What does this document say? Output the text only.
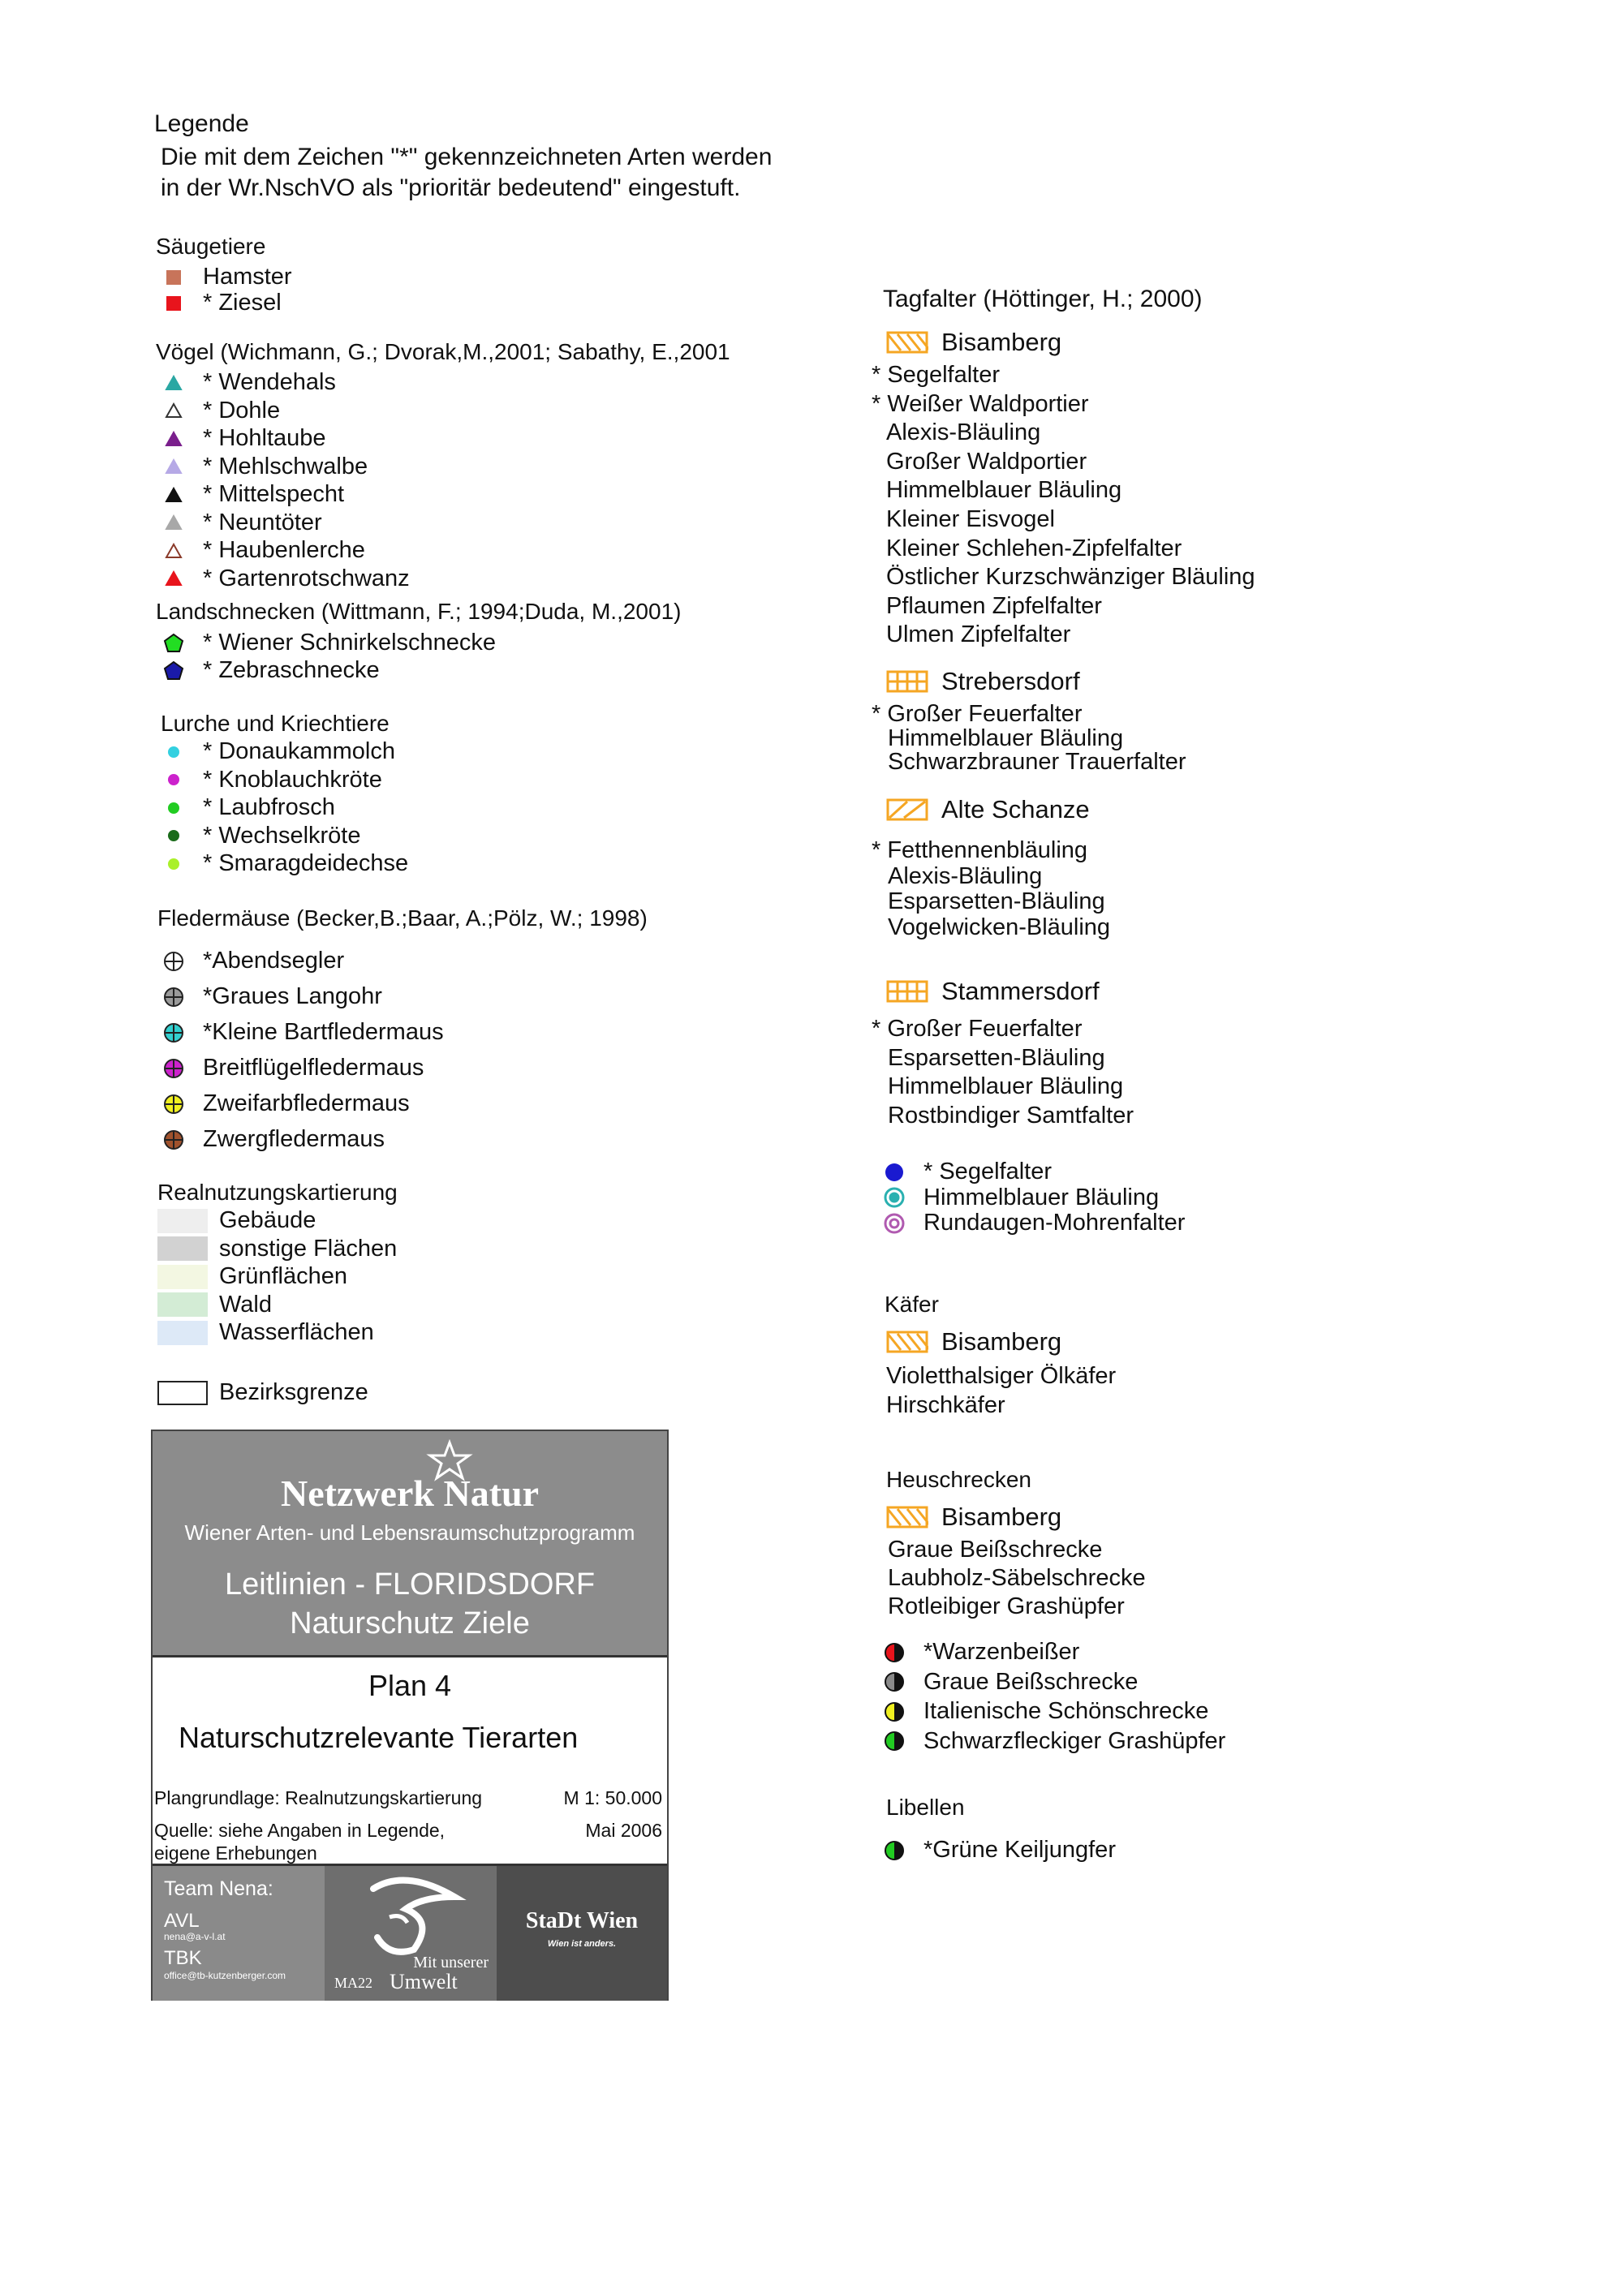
Legende
Die mit dem Zeichen "*" gekennzeichneten Arten werden
in der Wr.NschVO als "prioritär bedeutend" eingestuft.
Säugetiere
Hamster
* Ziesel
Vögel (Wichmann, G.; Dvorak,M.,2001; Sabathy, E.,2001
* Wendehals
* Dohle
* Hohltaube
* Mehlschwalbe
* Mittelspecht
* Neuntöter
* Haubenlerche
* Gartenrotschwanz
Landschnecken (Wittmann, F.; 1994;Duda, M.,2001)
* Wiener Schnirkelschnecke
* Zebraschnecke
Lurche und Kriechtiere
* Donaukammolch
* Knoblauchkröte
* Laubfrosch
* Wechselkröte
* Smaragdeidechse
Fledermäuse (Becker,B.;Baar, A.;Pölz, W.; 1998)
*Abendsegler
*Graues Langohr
*Kleine Bartfledermaus
Breitflügelfledermaus
Zweifarbfledermaus
Zwergfledermaus
Realnutzungskartierung
Gebäude
sonstige Flächen
Grünflächen
Wald
Wasserflächen
Bezirksgrenze
Netzwerk Natur
Wiener Arten- und Lebensraumschutzprogramm
Leitlinien - FLORIDSDORF
Naturschutz Ziele
Plan 4
Naturschutzrelevante Tierarten
Plangrundlage: Realnutzungskartierung	M 1: 50.000
Quelle: siehe Angaben in Legende,	Mai 2006
eigene Erhebungen
Team Nena:
AVL
nena@a-v-l.at
TBK
office@tb-kutzenberger.com
Mit unserer
MA22 Umwelt
StaDt Wien
Wien ist anders.
Tagfalter (Höttinger, H.; 2000)
Bisamberg
* Segelfalter
* Weißer Waldportier
Alexis-Bläuling
Großer Waldportier
Himmelblauer Bläuling
Kleiner Eisvogel
Kleiner Schlehen-Zipfelfalter
Östlicher Kurzschwänziger Bläuling
Pflaumen Zipfelfalter
Ulmen Zipfelfalter
Strebersdorf
* Großer Feuerfalter
Himmelblauer Bläuling
Schwarzbrauner Trauerfalter
Alte Schanze
* Fetthennenbläuling
Alexis-Bläuling
Esparsetten-Bläuling
Vogelwicken-Bläuling
Stammersdorf
* Großer Feuerfalter
Esparsetten-Bläuling
Himmelblauer Bläuling
Rostbindiger Samtfalter
* Segelfalter
Himmelblauer Bläuling
Rundaugen-Mohrenfalter
Käfer
Bisamberg
Violetthalsiger Ölkäfer
Hirschkäfer
Heuschrecken
Bisamberg
Graue Beißschrecke
Laubholz-Säbelschrecke
Rotleibiger Grashüpfer
*Warzenbeißer
Graue Beißschrecke
Italienische Schönschrecke
Schwarzfleckiger Grashüpfer
Libellen
*Grüne Keiljungfer
